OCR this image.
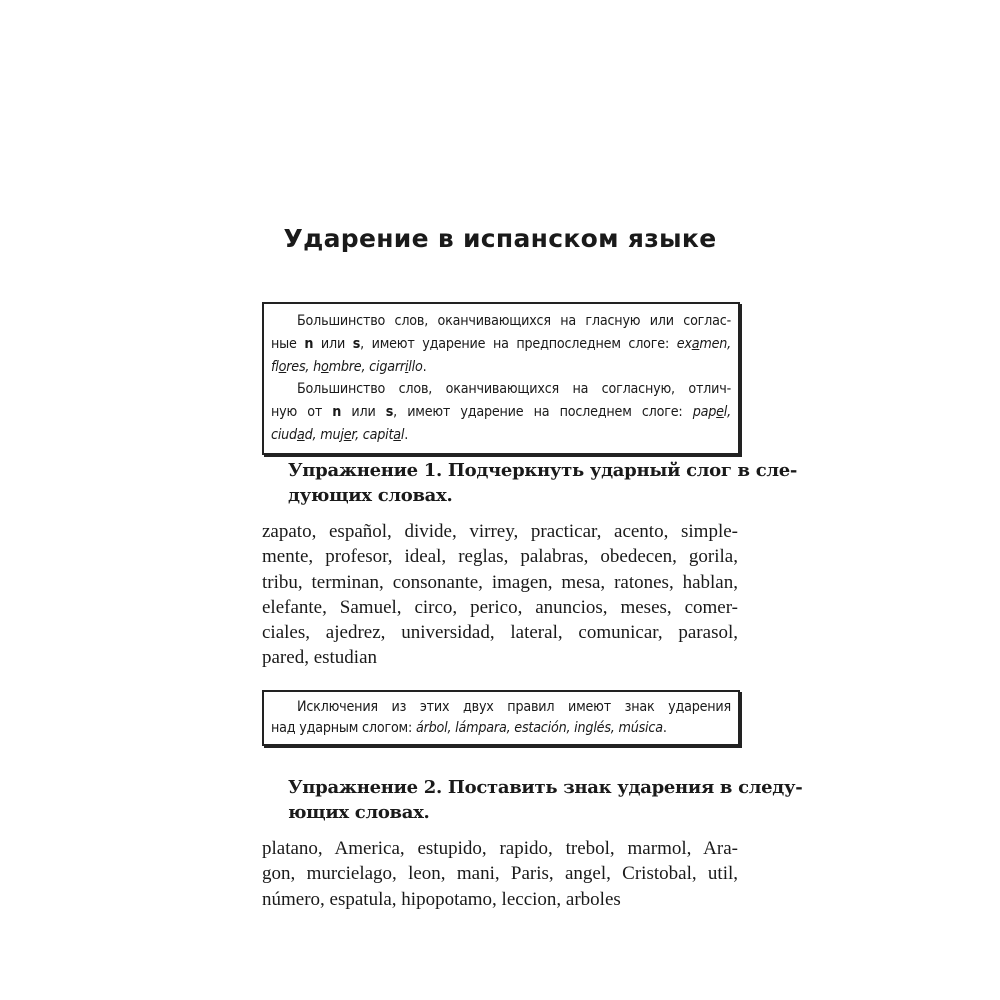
Ударение в испанском языке
Большинство слов, оканчивающихся на гласную или соглас-
ные n или s, имеют ударение на предпоследнем слоге: examen,
flores, hombre, cigarrillo.
Большинство слов, оканчивающихся на согласную, отлич-
ную от n или s, имеют ударение на последнем слоге: papel,
ciudad, mujer, capital.
Упражнение 1. Подчеркнуть ударный слог в сле-
дующих словах.
zapato, español, divide, virrey, practicar, acento, simple-
mente, profesor, ideal, reglas, palabras, obedecen, gorila,
tribu, terminan, consonante, imagen, mesa, ratones, hablan,
elefante, Samuel, circo, perico, anuncios, meses, comer-
ciales, ajedrez, universidad, lateral, comunicar, parasol,
pared, estudian
Исключения из этих двух правил имеют знак ударения
над ударным слогом: árbol, lámpara, estación, inglés, música.
Упражнение 2. Поставить знак ударения в следу-
ющих словах.
platano, America, estupido, rapido, trebol, marmol, Ara-
gon, murcielago, leon, mani, Paris, angel, Cristobal, util,
número, espatula, hipopotamo, leccion, arboles
